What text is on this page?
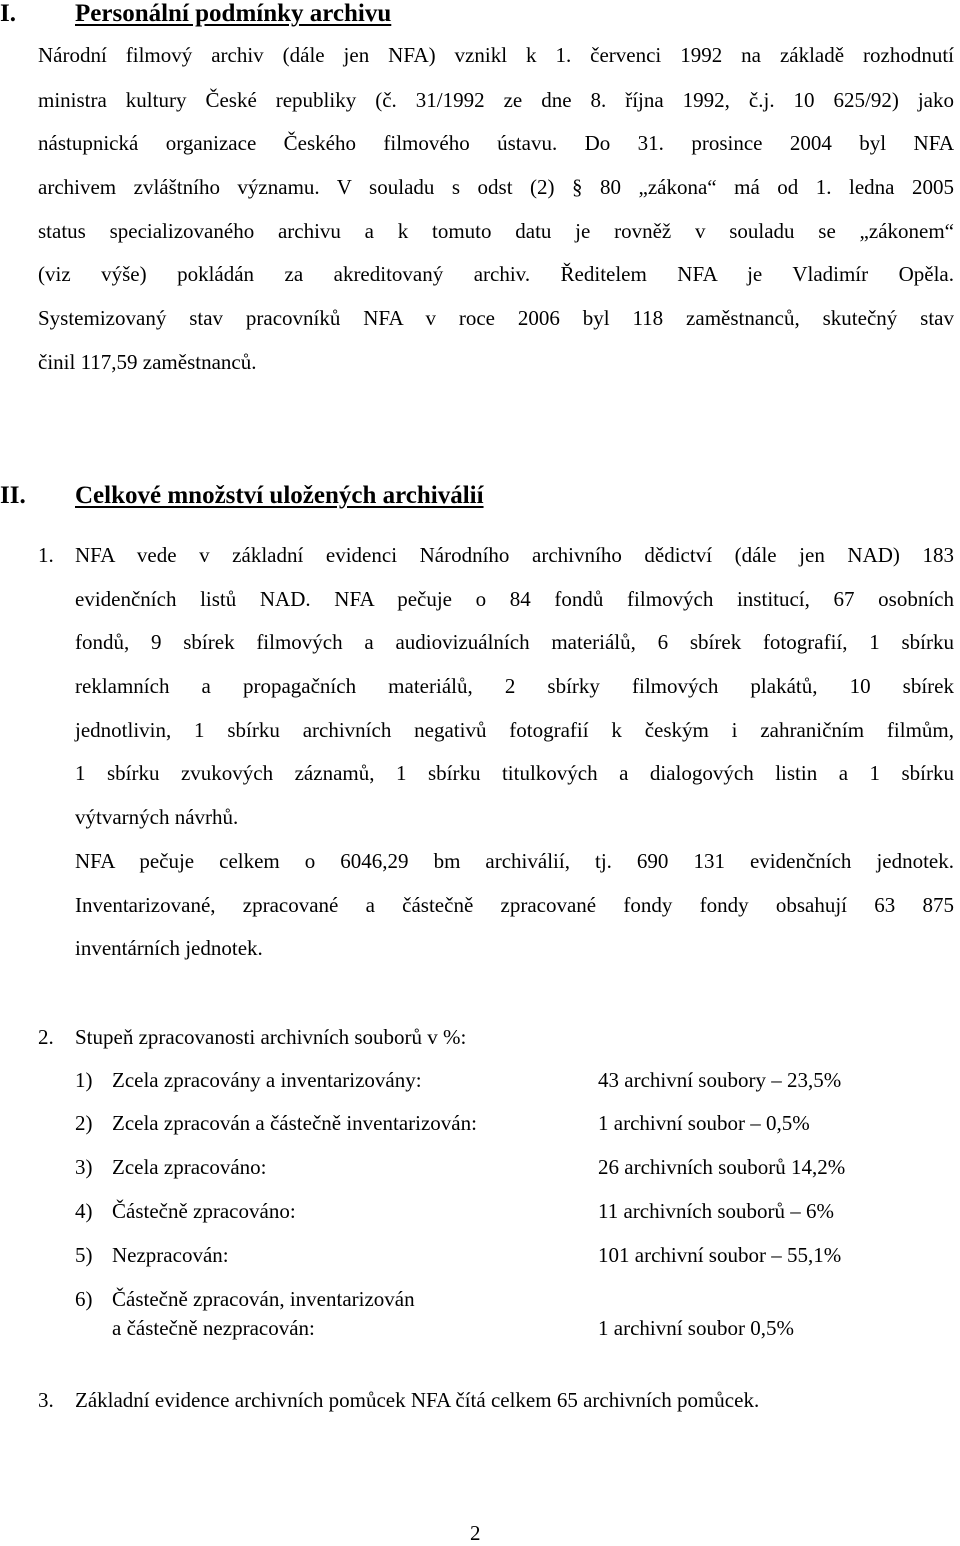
I. Personální podmínky archivu
Národní filmový archiv (dále jen NFA) vznikl k 1. červenci 1992 na základě rozhodnutí
ministra kultury České republiky (č. 31/1992 ze dne 8. října 1992, č.j. 10 625/92) jako
nástupnická organizace Českého filmového ústavu. Do 31. prosince 2004 byl NFA
archivem zvláštního významu. V souladu s odst (2) § 80 „zákona“ má od 1. ledna 2005
status specializovaného archivu a k tomuto datu je rovněž v souladu se „zákonem“
(viz výše) pokládán za akreditovaný archiv. Ředitelem NFA je Vladimír Opěla.
Systemizovaný stav pracovníků NFA v roce 2006 byl 118 zaměstnanců, skutečný stav
činil 117,59 zaměstnanců.
II. Celkové množství uložených archiválií
1. NFA vede v základní evidenci Národního archivního dědictví (dále jen NAD) 183
evidenčních listů NAD. NFA pečuje o 84 fondů filmových institucí, 67 osobních
fondů, 9 sbírek filmových a audiovizuálních materiálů, 6 sbírek fotografií, 1 sbírku
reklamních a propagačních materiálů, 2 sbírky filmových plakátů, 10 sbírek
jednotlivin, 1 sbírku archivních negativů fotografií k českým i zahraničním filmům,
1 sbírku zvukových záznamů, 1 sbírku titulkových a dialogových listin a 1 sbírku
výtvarných návrhů.
NFA pečuje celkem o 6046,29 bm archiválií, tj. 690 131 evidenčních jednotek.
Inventarizované, zpracované a částečně zpracované fondy fondy obsahují 63 875
inventárních jednotek.
2. Stupeň zpracovanosti archivních souborů v %:
1) Zcela zpracovány a inventarizovány:	43 archivní soubory – 23,5%
2) Zcela zpracován a částečně inventarizován:	1 archivní soubor – 0,5%
3) Zcela zpracováno:	26 archivních souborů 14,2%
4) Částečně zpracováno:	11 archivních souborů – 6%
5) Nezpracován:	101 archivní soubor – 55,1%
6) Částečně zpracován, inventarizován
a částečně nezpracován:	1 archivní soubor 0,5%
3. Základní evidence archivních pomůcek NFA čítá celkem 65 archivních pomůcek.
2
